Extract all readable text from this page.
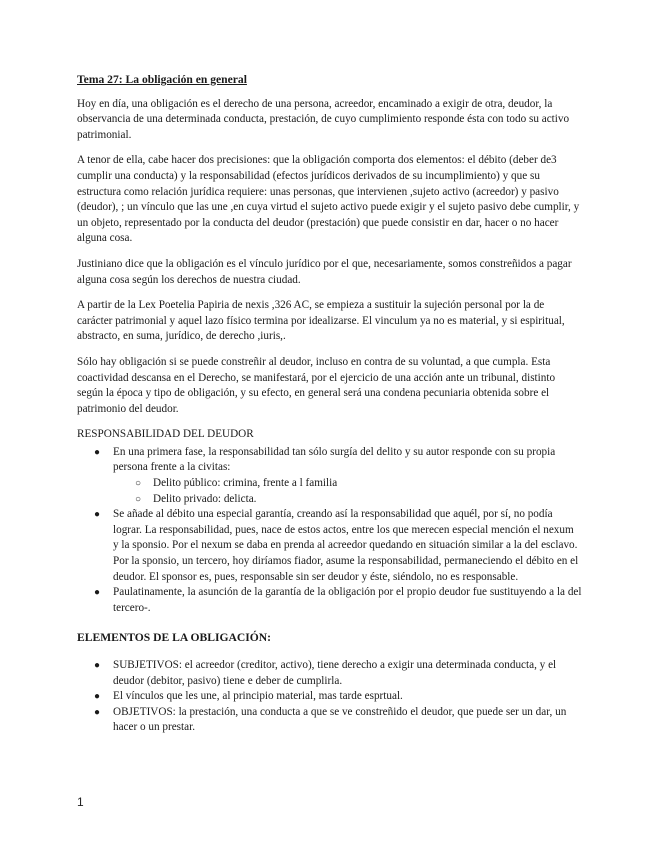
Tema 27: La obligación en general

Hoy en día, una obligación es el derecho de una persona, acreedor, encaminado a exigir de otra, deudor, la observancia de una determinada conducta, prestación, de cuyo cumplimiento responde ésta con todo su activo patrimonial.

A tenor de ella, cabe hacer dos precisiones: que la obligación comporta dos elementos: el débito (deber de3 cumplir una conducta) y la responsabilidad (efectos jurídicos derivados de su incumplimiento) y que su estructura como relación jurídica requiere: unas personas, que intervienen ,sujeto activo (acreedor) y pasivo (deudor), ; un vínculo que las une ,en cuya virtud el sujeto activo puede exigir y el sujeto pasivo debe cumplir, y un objeto, representado por la conducta del deudor (prestación) que puede consistir en dar, hacer o no hacer alguna cosa.

Justiniano dice que la obligación es el vínculo jurídico por el que, necesariamente, somos constreñidos a pagar alguna cosa según los derechos de nuestra ciudad.

A partir de la Lex Poetelia Papiria de nexis ,326 AC, se empieza a sustituir la sujeción personal por la de carácter patrimonial y aquel lazo físico termina por idealizarse. El vinculum ya no es material, y si espiritual, abstracto, en suma, jurídico, de derecho ,iuris,.

Sólo hay obligación si se puede constreñir al deudor, incluso en contra de su voluntad, a que cumpla. Esta coactividad descansa en el Derecho, se manifestará, por el ejercicio de una acción ante un tribunal, distinto según la época y tipo de obligación, y su efecto, en general será una condena pecuniaria obtenida sobre el patrimonio del deudor.

RESPONSABILIDAD DEL DEUDOR
● En una primera fase, la responsabilidad tan sólo surgía del delito y su autor responde con su propia persona frente a la civitas:
○ Delito público: crimina, frente a l familia
○ Delito privado: delicta.
● Se añade al débito una especial garantía, creando así la responsabilidad que aquél, por sí, no podía lograr. La responsabilidad, pues, nace de estos actos, entre los que merecen especial mención el nexum y la sponsio. Por el nexum se daba en prenda al acreedor quedando en situación similar a la del esclavo. Por la sponsio, un tercero, hoy diríamos fiador, asume la responsabilidad, permaneciendo el débito en el deudor. El sponsor es, pues, responsable sin ser deudor y éste, siéndolo, no es responsable.
● Paulatinamente, la asunción de la garantía de la obligación por el propio deudor fue sustituyendo a la del tercero-.
ELEMENTOS DE LA OBLIGACIÓN:
● SUBJETIVOS: el acreedor (creditor, activo), tiene derecho a exigir una determinada conducta, y el deudor (debitor, pasivo) tiene e deber de cumplirla.
● El vínculos que les une, al principio material, mas tarde esprtual.
● OBJETIVOS: la prestación, una conducta a que se ve constreñido el deudor, que puede ser un dar, un hacer o un prestar.
1
